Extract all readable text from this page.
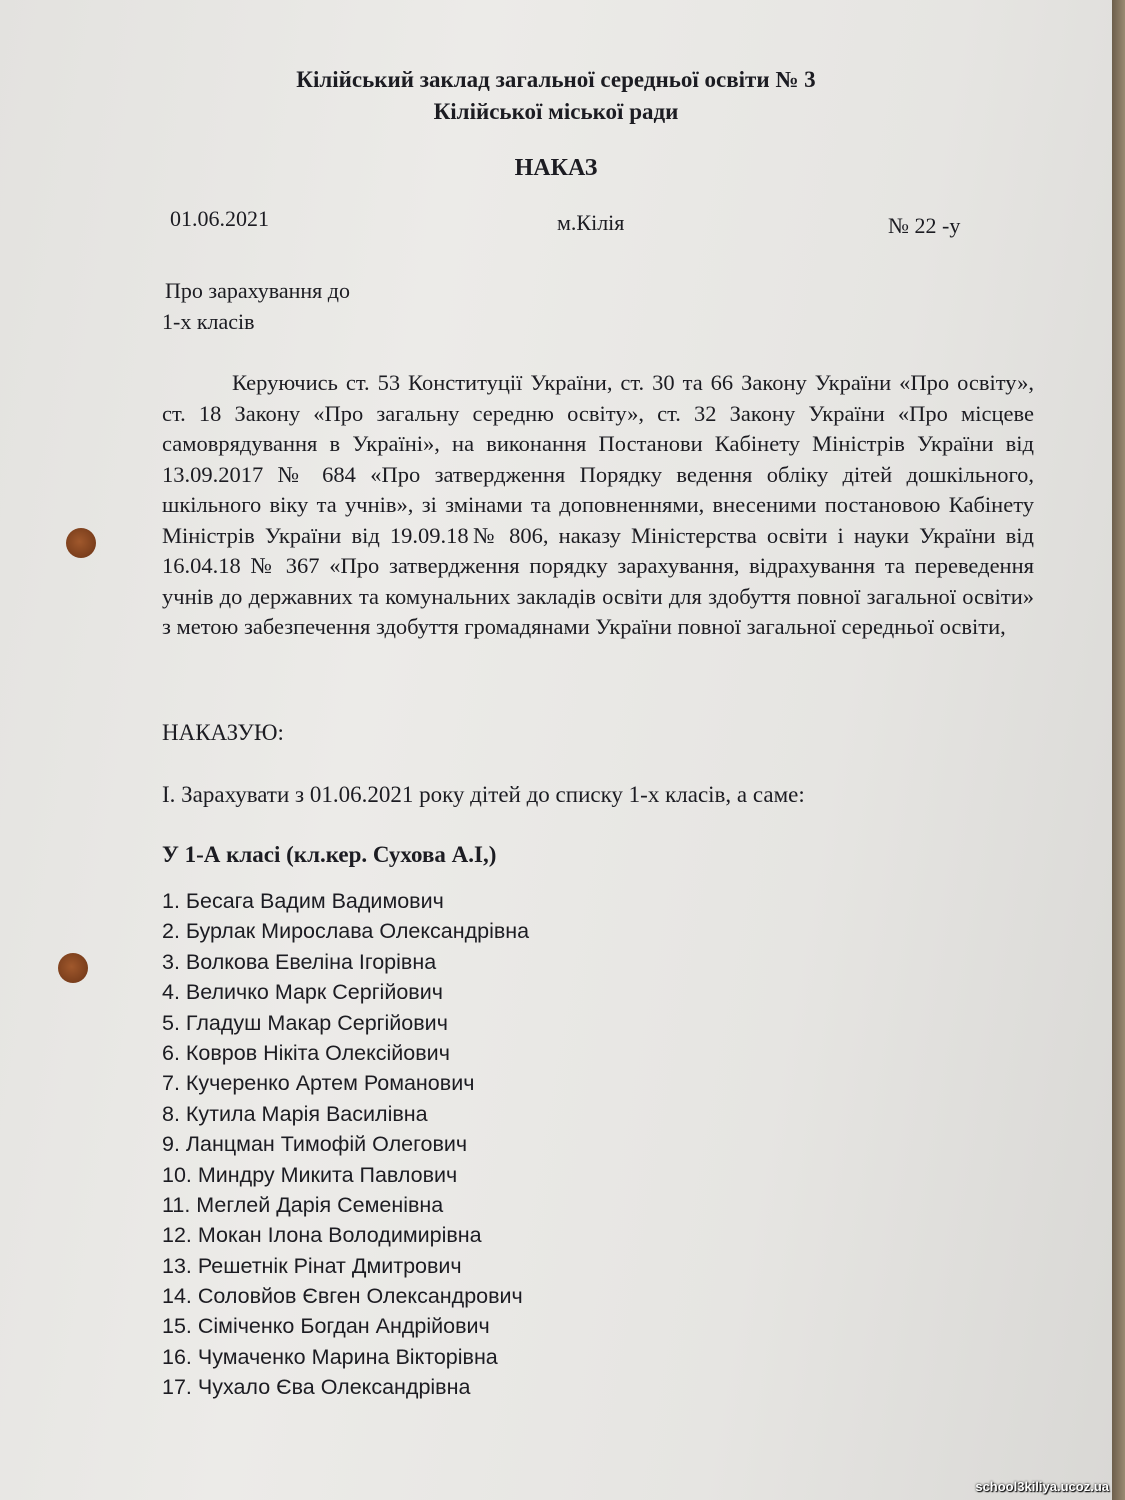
Кілійський заклад загальної середньої освіти № 3
Кілійської міської ради
НАКАЗ
01.06.2021	м.Кілія	№ 22 -у
Про зарахування до
1-х класів
Керуючись ст. 53 Конституції України, ст. 30 та 66 Закону України «Про освіту», ст. 18 Закону «Про загальну середню освіту», ст. 32 Закону України «Про місцеве самоврядування в Україні», на виконання Постанови Кабінету Міністрів України від 13.09.2017 № 684 «Про затвердження Порядку ведення обліку дітей дошкільного, шкільного віку та учнів», зі змінами та доповненнями, внесеними постановою Кабінету Міністрів України від 19.09.18№ 806, наказу Міністерства освіти і науки України від 16.04.18 № 367 «Про затвердження порядку зарахування, відрахування та переведення учнів до державних та комунальних закладів освіти для здобуття повної загальної освіти» з метою забезпечення здобуття громадянами України повної загальної середньої освіти,
НАКАЗУЮ:
I. Зарахувати з 01.06.2021 року дітей до списку 1-х класів, а саме:
У 1-А класі (кл.кер. Сухова А.І,)
1. Бесага Вадим Вадимович
2. Бурлак Мирослава Олександрівна
3. Волкова Евеліна Ігорівна
4. Величко Марк Сергійович
5. Гладуш Макар Сергійович
6. Ковров Нікіта Олексійович
7. Кучеренко Артем Романович
8. Кутила Марія Василівна
9. Ланцман Тимофій Олегович
10. Миндру Микита Павлович
11. Меглей Дарія Семенівна
12. Мокан Ілона Володимирівна
13. Решетнік Рінат Дмитрович
14. Соловйов Євген Олександрович
15. Сіміченко Богдан Андрійович
16. Чумаченко Марина Вікторівна
17. Чухало Єва Олександрівна
school3kiliya.ucoz.ua
